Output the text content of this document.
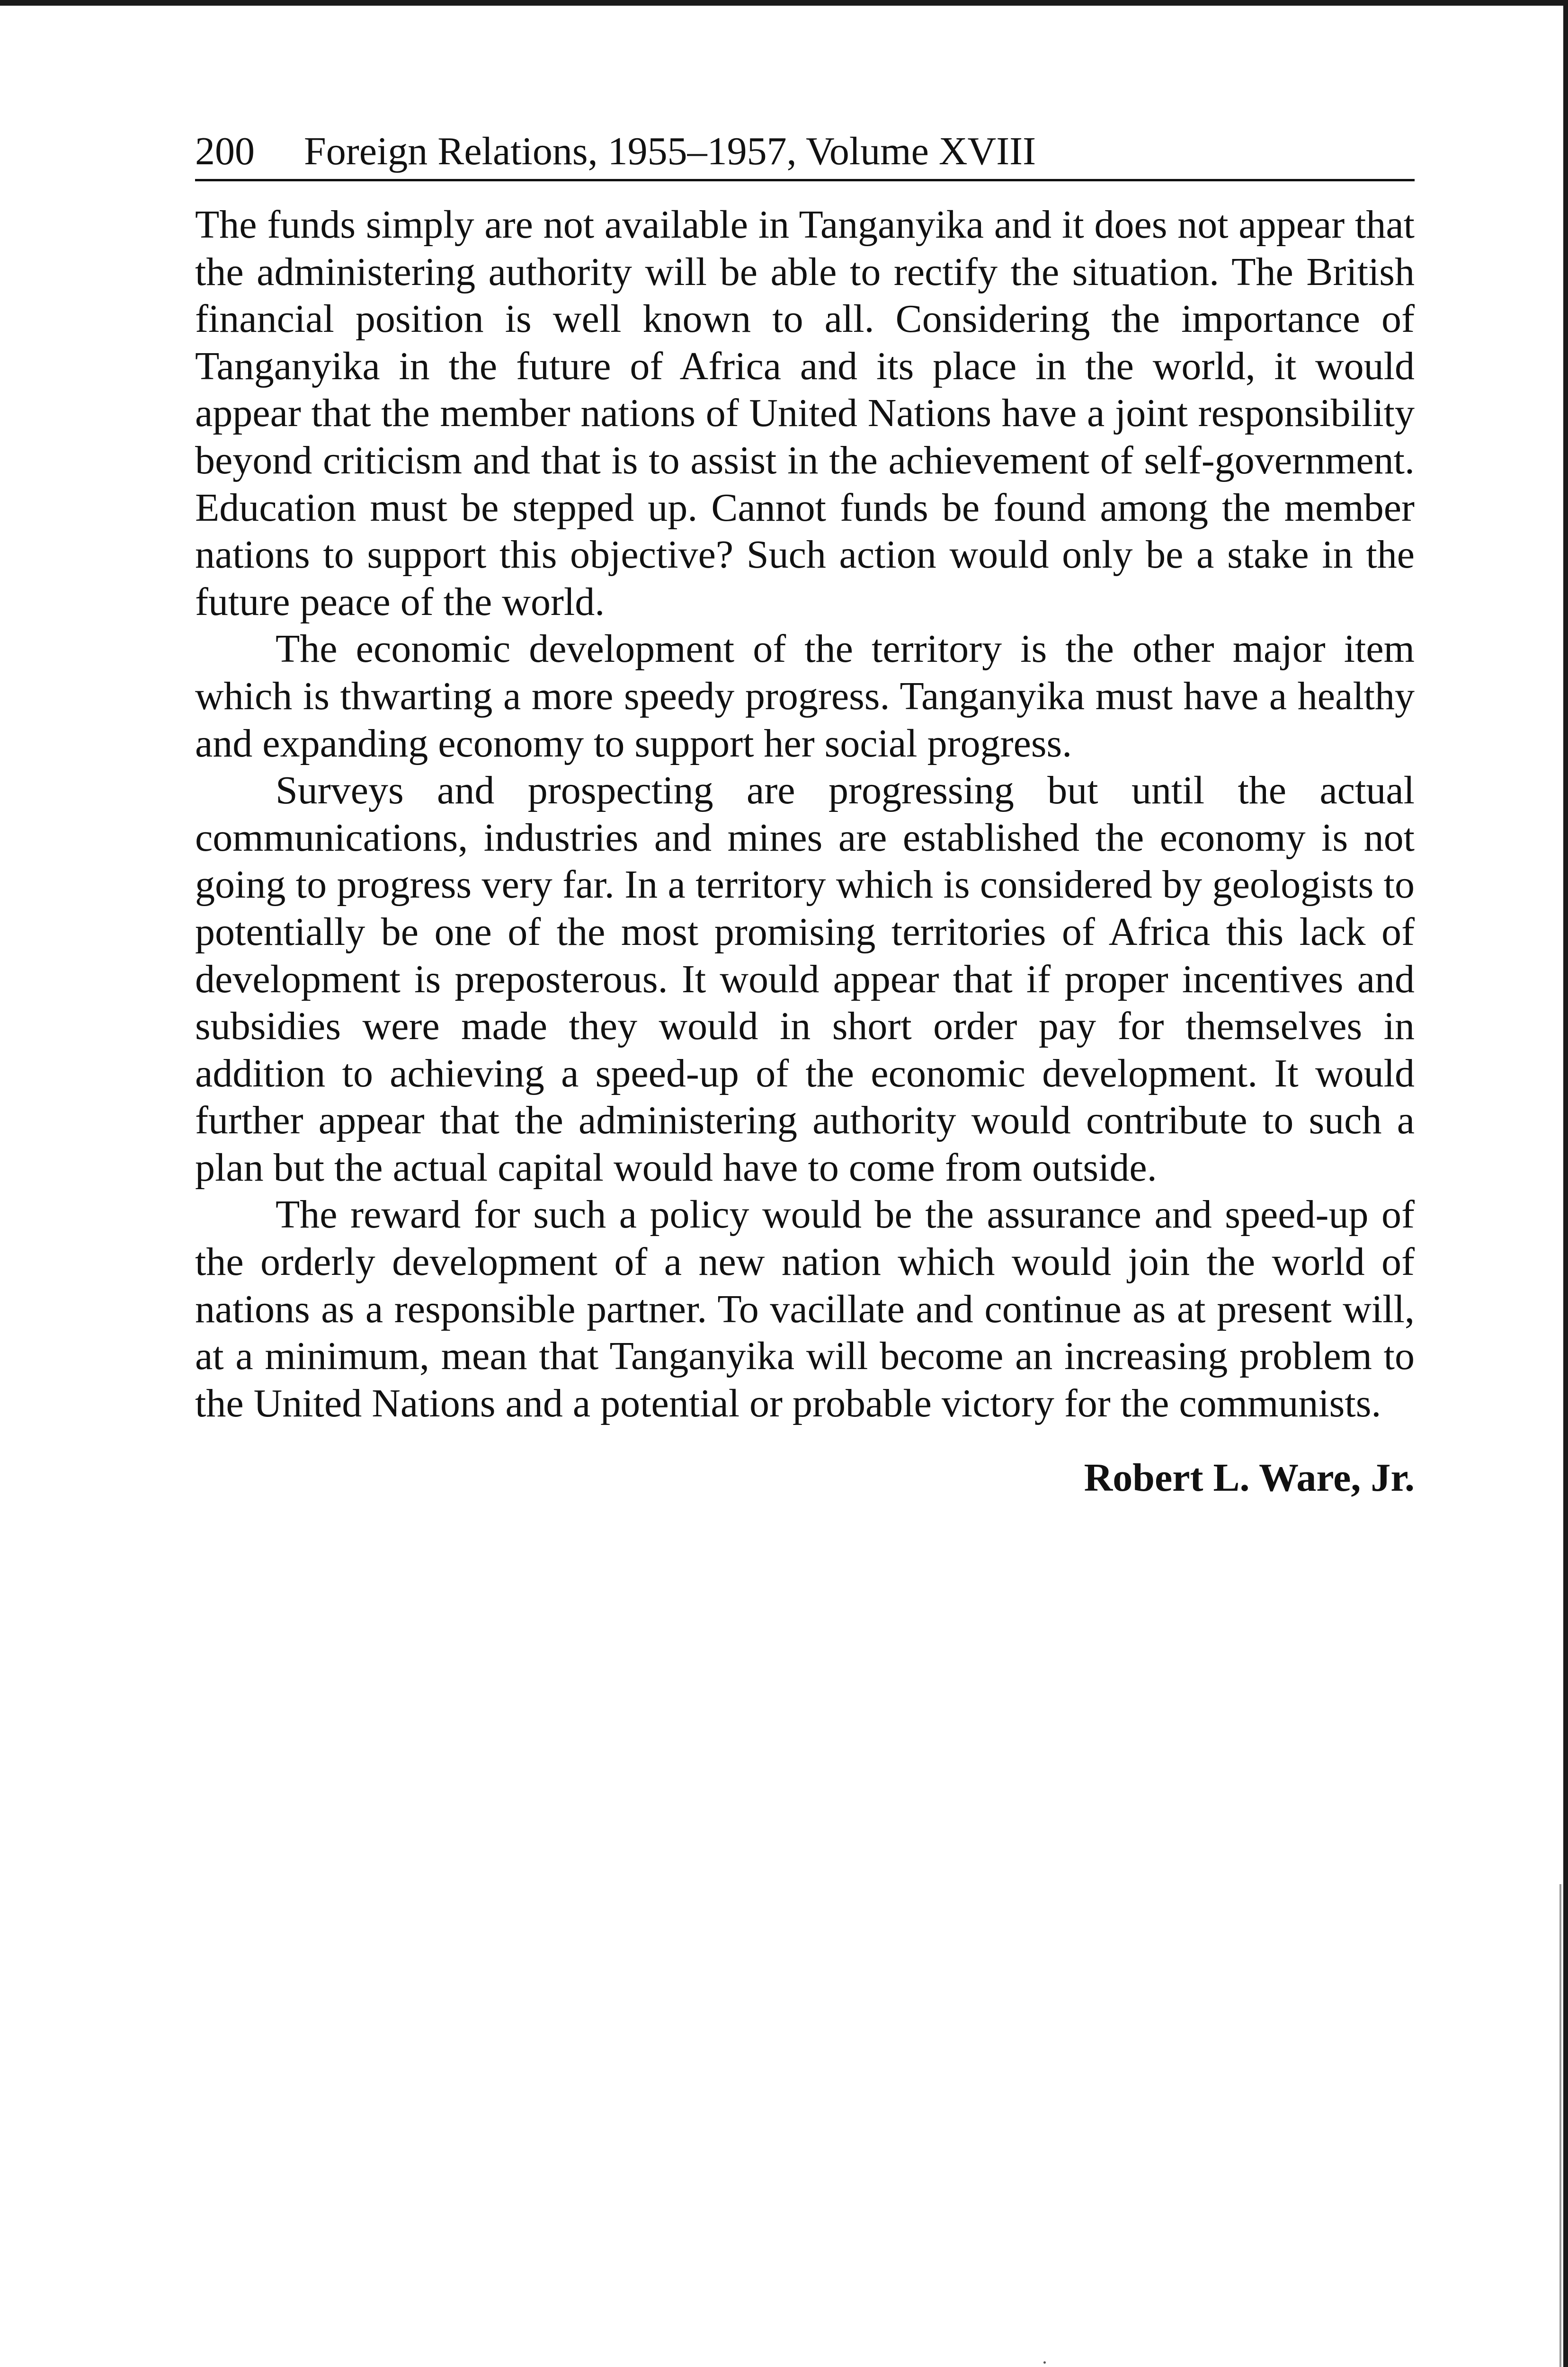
200 Foreign Relations, 1955–1957, Volume XVIII

The funds simply are not available in Tanganyika and it does not appear that the administering authority will be able to rectify the situation. The British financial position is well known to all. Considering the importance of Tanganyika in the future of Africa and its place in the world, it would appear that the member nations of United Nations have a joint responsibility beyond criticism and that is to assist in the achievement of self-government. Education must be stepped up. Cannot funds be found among the member nations to support this objective? Such action would only be a stake in the future peace of the world.

The economic development of the territory is the other major item which is thwarting a more speedy progress. Tanganyika must have a healthy and expanding economy to support her social progress.

Surveys and prospecting are progressing but until the actual communications, industries and mines are established the economy is not going to progress very far. In a territory which is considered by geologists to potentially be one of the most promising territories of Africa this lack of development is preposterous. It would appear that if proper incentives and subsidies were made they would in short order pay for themselves in addition to achieving a speed-up of the economic development. It would further appear that the administering authority would contribute to such a plan but the actual capital would have to come from outside.

The reward for such a policy would be the assurance and speed-up of the orderly development of a new nation which would join the world of nations as a responsible partner. To vacillate and continue as at present will, at a minimum, mean that Tanganyika will become an increasing problem to the United Nations and a potential or probable victory for the communists.

Robert L. Ware, Jr.
